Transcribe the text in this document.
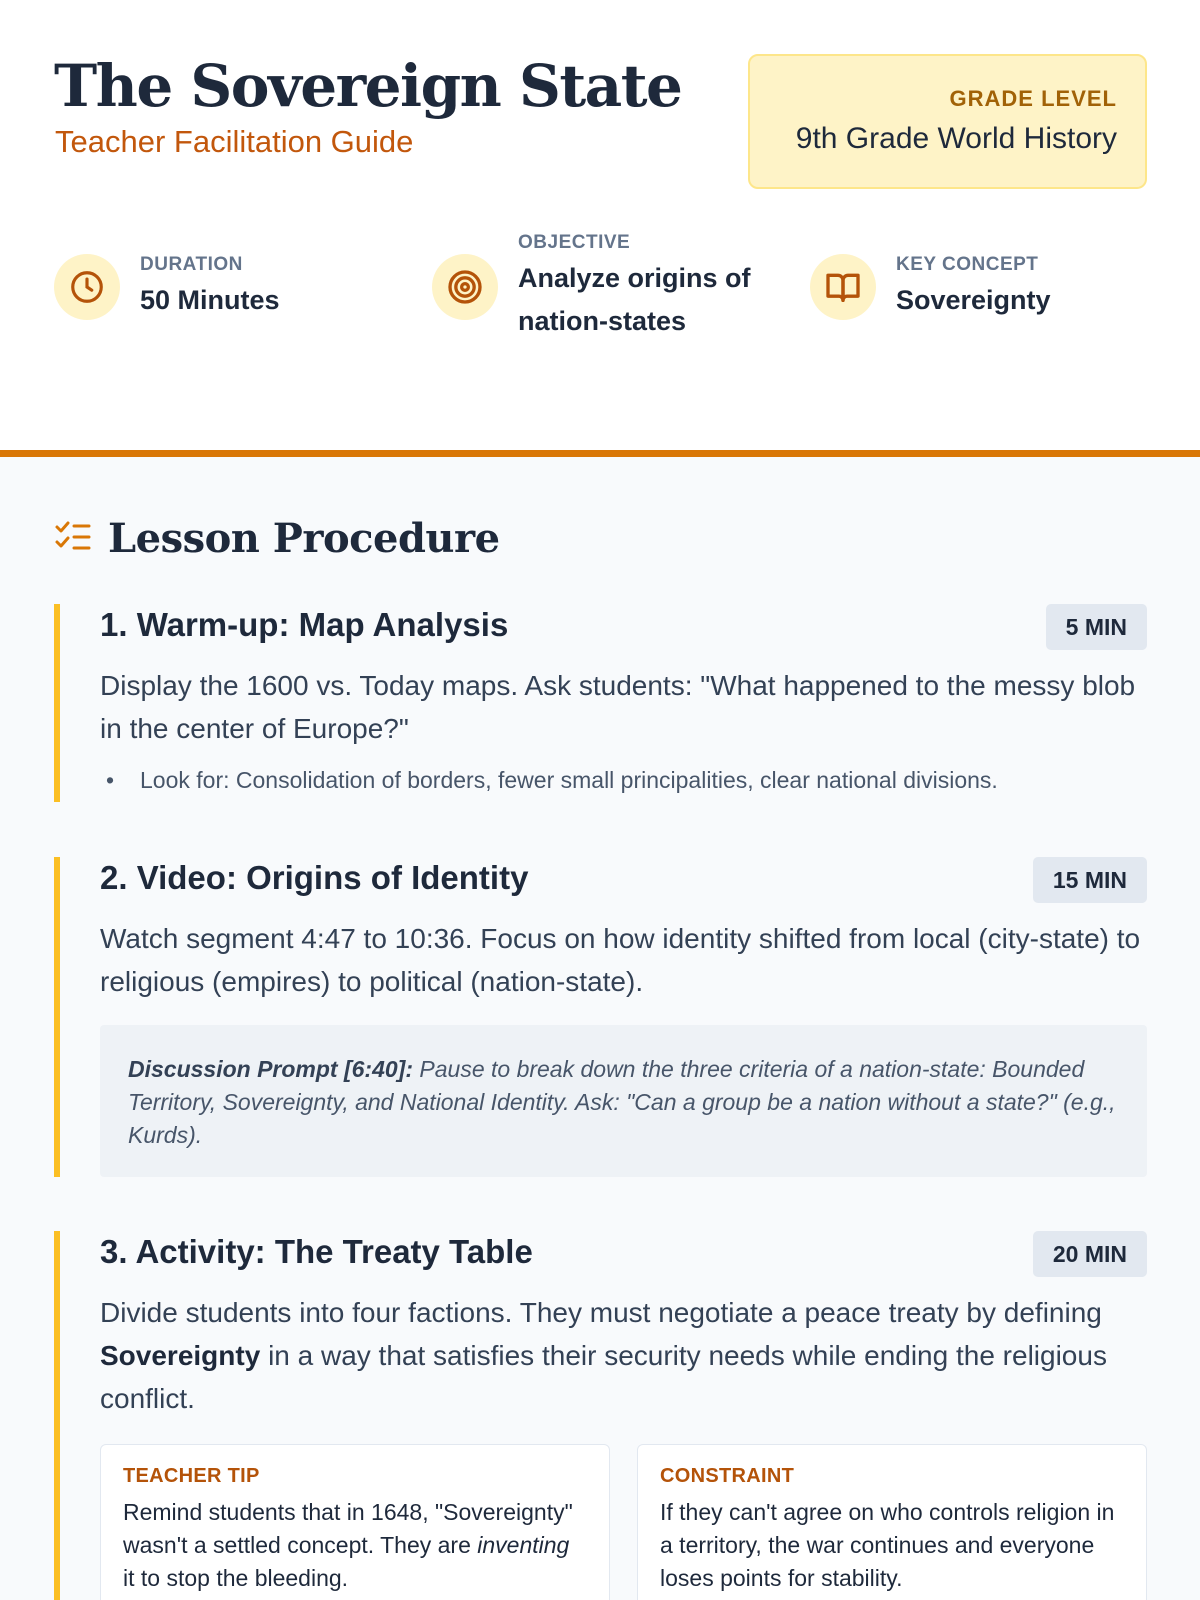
The Sovereign State
Teacher Facilitation Guide
GRADE LEVEL
9th Grade World History
DURATION
50 Minutes
OBJECTIVE
Analyze origins of nation-states
KEY CONCEPT
Sovereignty
Lesson Procedure
1. Warm-up: Map Analysis	5 MIN
Display the 1600 vs. Today maps. Ask students: "What happened to the messy blob in the center of Europe?"
• Look for: Consolidation of borders, fewer small principalities, clear national divisions.
2. Video: Origins of Identity	15 MIN
Watch segment 4:47 to 10:36. Focus on how identity shifted from local (city-state) to religious (empires) to political (nation-state).
Discussion Prompt [6:40]: Pause to break down the three criteria of a nation-state: Bounded Territory, Sovereignty, and National Identity. Ask: "Can a group be a nation without a state?" (e.g., Kurds).
3. Activity: The Treaty Table	20 MIN
Divide students into four factions. They must negotiate a peace treaty by defining Sovereignty in a way that satisfies their security needs while ending the religious conflict.
TEACHER TIP
Remind students that in 1648, "Sovereignty" wasn't a settled concept. They are inventing it to stop the bleeding.
CONSTRAINT
If they can't agree on who controls religion in a territory, the war continues and everyone loses points for stability.
